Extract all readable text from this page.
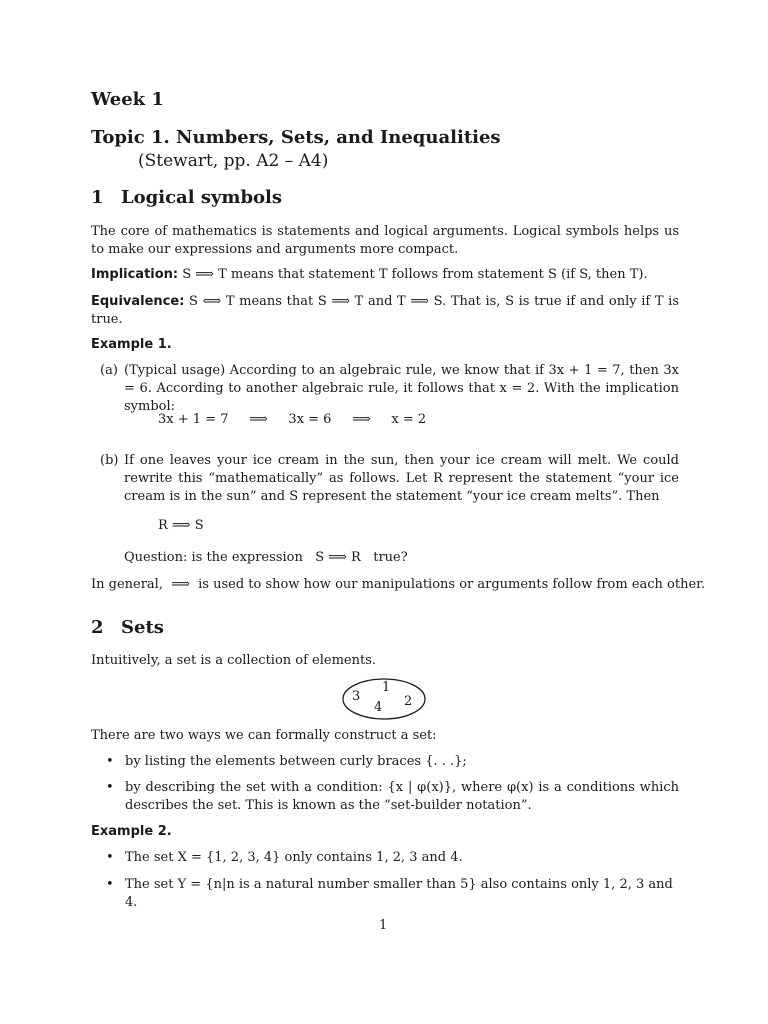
Week 1
Topic 1. Numbers, Sets, and Inequalities
(Stewart, pp. A2 – A4)
1 Logical symbols
The core of mathematics is statements and logical arguments. Logical symbols helps us to make our expressions and arguments more compact.
Implication: S ⟹ T means that statement T follows from statement S (if S, then T).
Equivalence: S ⟺ T means that S ⟹ T and T ⟹ S. That is, S is true if and only if T is true.
Example 1.
(a) (Typical usage) According to an algebraic rule, we know that if 3x + 1 = 7, then 3x = 6. According to another algebraic rule, it follows that x = 2. With the implication symbol:
3x + 1 = 7     ⟹     3x = 6     ⟹     x = 2
(b) If one leaves your ice cream in the sun, then your ice cream will melt. We could rewrite this “mathematically” as follows. Let R represent the statement “your ice cream is in the sun” and S represent the statement “your ice cream melts”. Then
R ⟹ S
Question: is the expression   S ⟹ R   true?
In general,  ⟹  is used to show how our manipulations or arguments follow from each other.
2 Sets
Intuitively, a set is a collection of elements.
3
1
4 2
There are two ways we can formally construct a set:
• by listing the elements between curly braces {. . .};
• by describing the set with a condition: {x | φ(x)}, where φ(x) is a conditions which describes the set. This is known as the “set-builder notation”.
Example 2.
• The set X = {1, 2, 3, 4} only contains 1, 2, 3 and 4.
• The set Y = {n|n is a natural number smaller than 5} also contains only 1, 2, 3 and 4.
1
